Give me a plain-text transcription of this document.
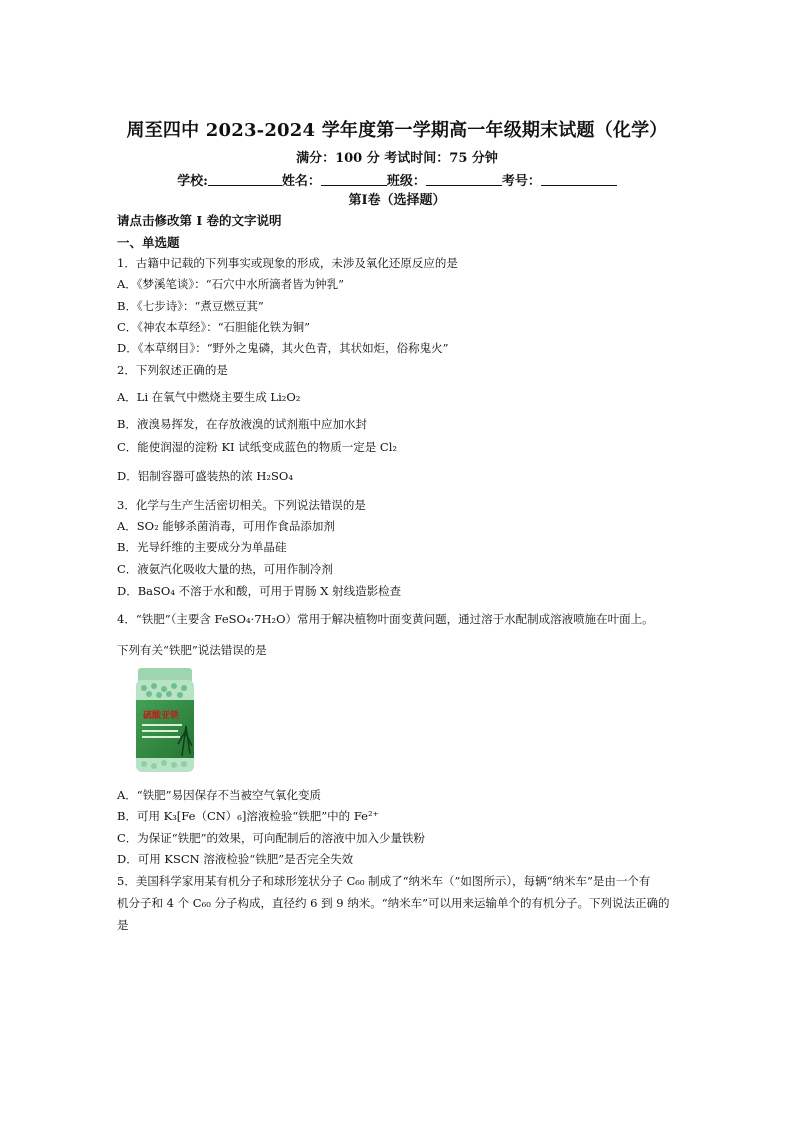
周至四中 2023-2024 学年度第一学期高一年级期末试题（化学）
满分：100 分 考试时间：75 分钟
学校:	姓名：	班级：	考号：
第Ⅰ卷（选择题）
请点击修改第 I 卷的文字说明
一、单选题
1．古籍中记载的下列事实或现象的形成，未涉及氧化还原反应的是
A．《梦溪笔谈》：“石穴中水所滴者皆为钟乳”
B．《七步诗》：“煮豆燃豆萁”
C．《神农本草经》：“石胆能化铁为铜”
D．《本草纲目》：“野外之鬼磷，其火色青，其状如炬，俗称鬼火”
2．下列叙述正确的是
A．Li 在氧气中燃烧主要生成 Li₂O₂
B．液溴易挥发，在存放液溴的试剂瓶中应加水封
C．能使润湿的淀粉 KI 试纸变成蓝色的物质一定是 Cl₂
D．铝制容器可盛装热的浓 H₂SO₄
3．化学与生产生活密切相关。下列说法错误的是
A．SO₂ 能够杀菌消毒，可用作食品添加剂
B．光导纤维的主要成分为单晶硅
C．液氨汽化吸收大量的热，可用作制冷剂
D．BaSO₄ 不溶于水和酸，可用于胃肠 X 射线造影检查
4．“铁肥”（主要含 FeSO₄·7H₂O）常用于解决植物叶面变黄问题，通过溶于水配制成溶液喷施在叶面上。
下列有关“铁肥”说法错误的是
硫酸亚铁
A．“铁肥”易因保存不当被空气氧化变质
B．可用 K₃[Fe（CN）₆]溶液检验“铁肥”中的 Fe²⁺
C．为保证“铁肥”的效果，可向配制后的溶液中加入少量铁粉
D．可用 KSCN 溶液检验“铁肥”是否完全失效
5．美国科学家用某有机分子和球形笼状分子 C₆₀ 制成了“纳米车（”如图所示），每辆“纳米车”是由一个有
机分子和 4 个 C₆₀ 分子构成，直径约 6 到 9 纳米。“纳米车”可以用来运输单个的有机分子。下列说法正确的
是
